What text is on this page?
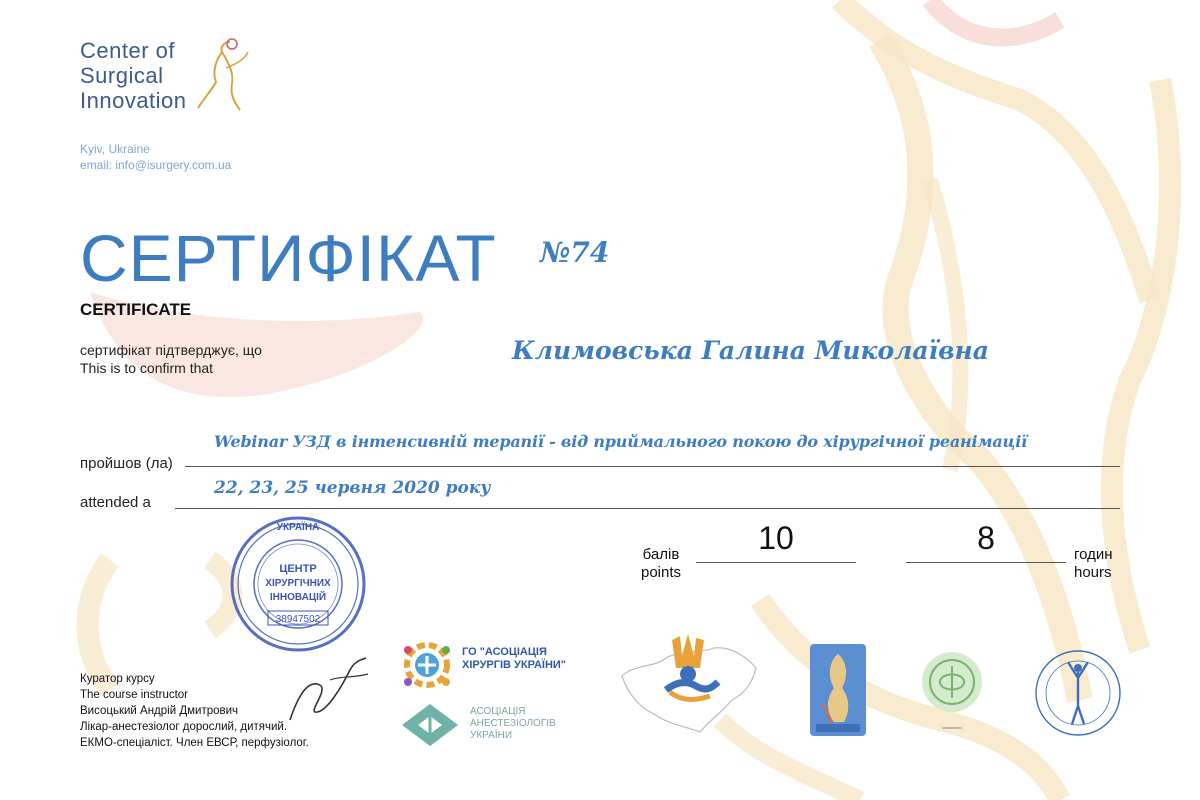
Center of
Surgical
Innovation
Kyiv, Ukraine
email: info@isurgery.com.ua
СЕРТИФІКАТ №74
CERTIFICATE
сертифікат підтверджує, що
This is to confirm that
Климовська Галина Миколаївна
пройшов (ла)
Webinar УЗД в інтенсивній терапії - від приймального покою до хірургічної реанімації
attended a
22, 23, 25 червня 2020 року
балів
points
10	8	годин
hours
УКРАЇНА
ЦЕНТР
ХІРУРГІЧНИХ
ІННОВАЦІЙ
38947502
Куратор курсу
The course instructor
Висоцький Андрій Дмитрович
Лікар-анестезіолог дорослий, дитячий.
ЕКМО-спеціаліст. Член ЕВСР, перфузіолог.
ГО "АСОЦІАЦІЯ
ХІРУРГІВ УКРАЇНИ"
АСОЦІАЦІЯ
АНЕСТЕЗІОЛОГІВ
УКРАЇНИ
